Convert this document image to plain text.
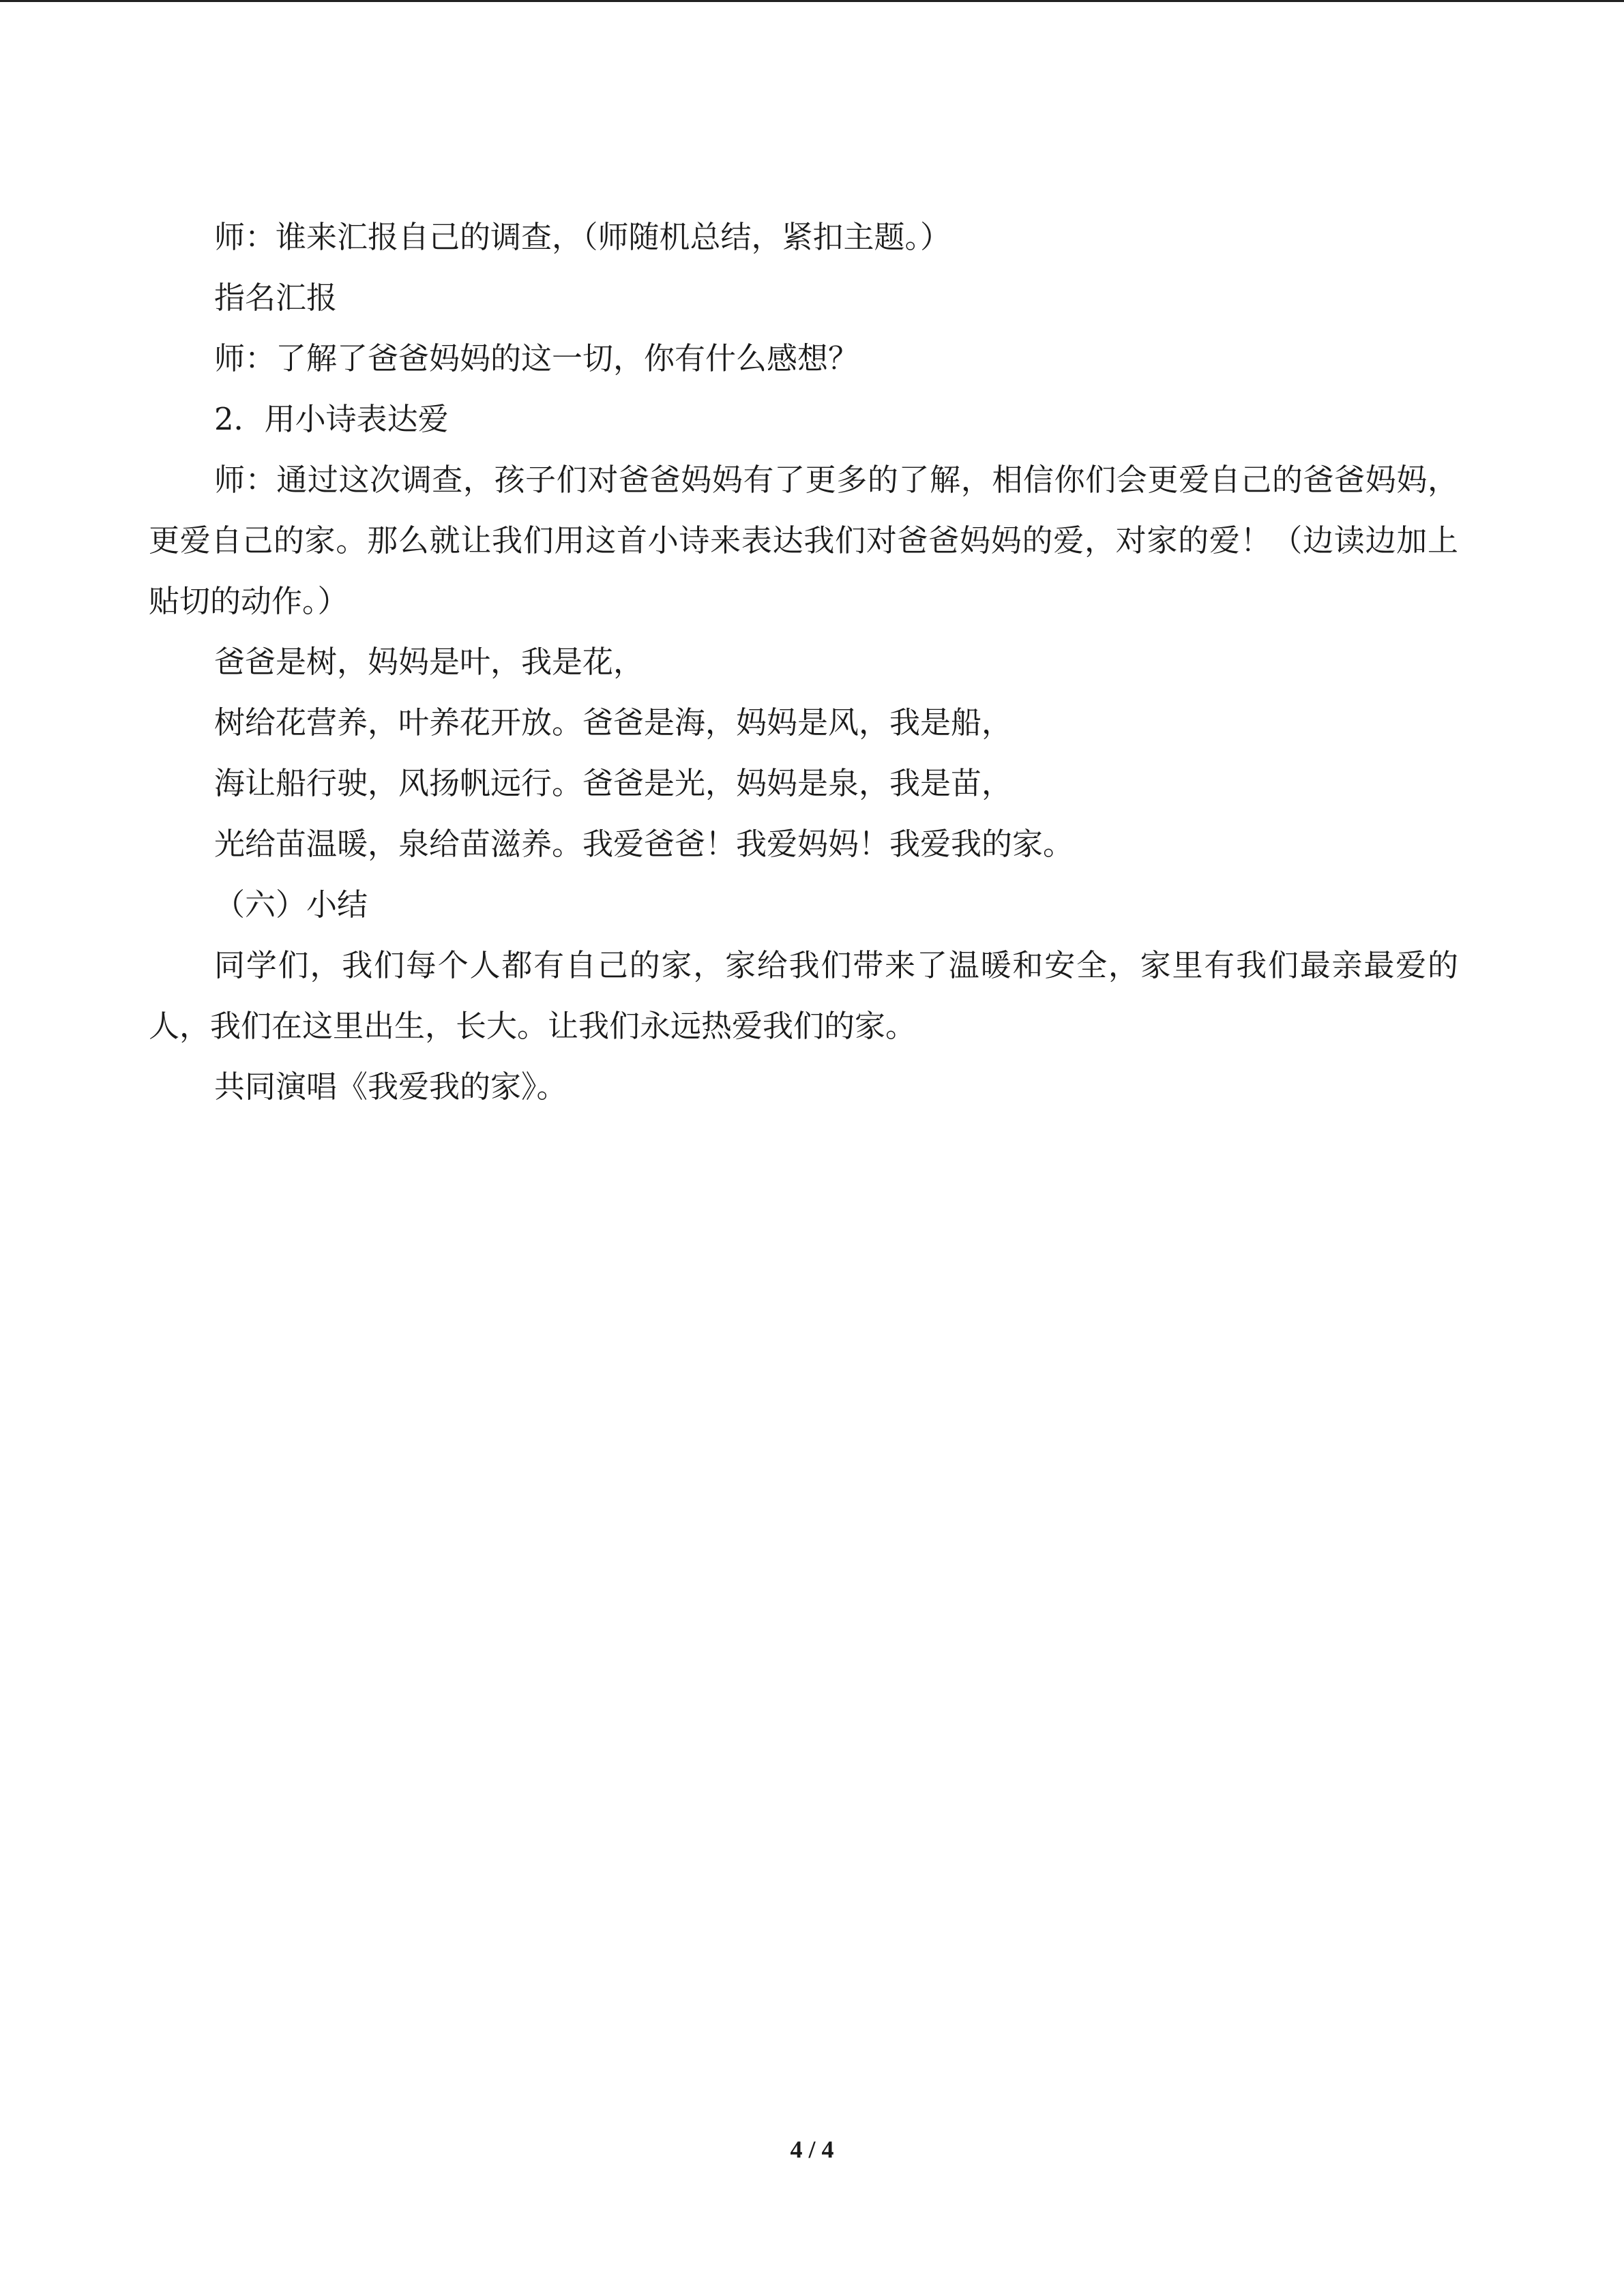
师：谁来汇报自己的调查，（师随机总结，紧扣主题。）

指名汇报

师：了解了爸爸妈妈的这一切，你有什么感想？

2．用小诗表达爱

师：通过这次调查，孩子们对爸爸妈妈有了更多的了解，相信你们会更爱自己的爸爸妈妈，更爱自己的家。那么就让我们用这首小诗来表达我们对爸爸妈妈的爱，对家的爱！（边读边加上贴切的动作。）

爸爸是树，妈妈是叶，我是花，

树给花营养，叶养花开放。爸爸是海，妈妈是风，我是船，

海让船行驶，风扬帆远行。爸爸是光，妈妈是泉，我是苗，

光给苗温暖，泉给苗滋养。我爱爸爸！我爱妈妈！我爱我的家。

（六）小结

同学们，我们每个人都有自己的家，家给我们带来了温暖和安全，家里有我们最亲最爱的人，我们在这里出生，长大。让我们永远热爱我们的家。

共同演唱《我爱我的家》。

4 / 4
